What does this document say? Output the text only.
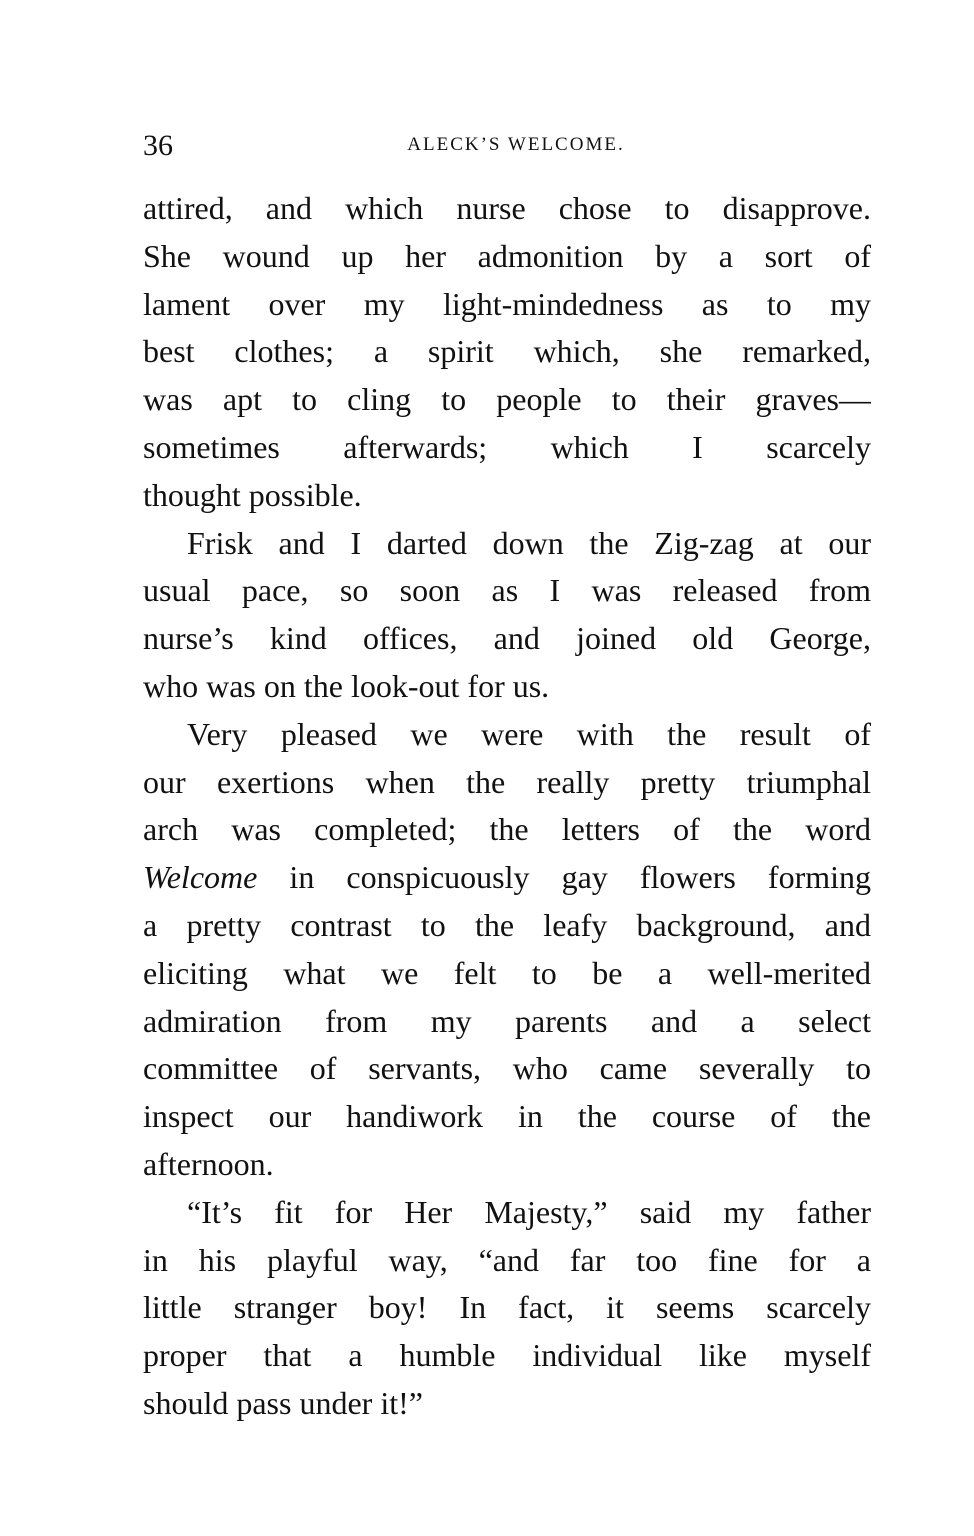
36	ALECK’S WELCOME.
attired, and which nurse chose to disapprove.
She wound up her admonition by a sort of
lament over my light-mindedness as to my
best clothes; a spirit which, she remarked,
was apt to cling to people to their graves—
sometimes afterwards; which I scarcely
thought possible.
Frisk and I darted down the Zig-zag at our
usual pace, so soon as I was released from
nurse’s kind offices, and joined old George,
who was on the look-out for us.
Very pleased we were with the result of
our exertions when the really pretty triumphal
arch was completed; the letters of the word
Welcome in conspicuously gay flowers forming
a pretty contrast to the leafy background, and
eliciting what we felt to be a well-merited
admiration from my parents and a select
committee of servants, who came severally to
inspect our handiwork in the course of the
afternoon.
“It’s fit for Her Majesty,” said my father
in his playful way, “and far too fine for a
little stranger boy! In fact, it seems scarcely
proper that a humble individual like myself
should pass under it!”
